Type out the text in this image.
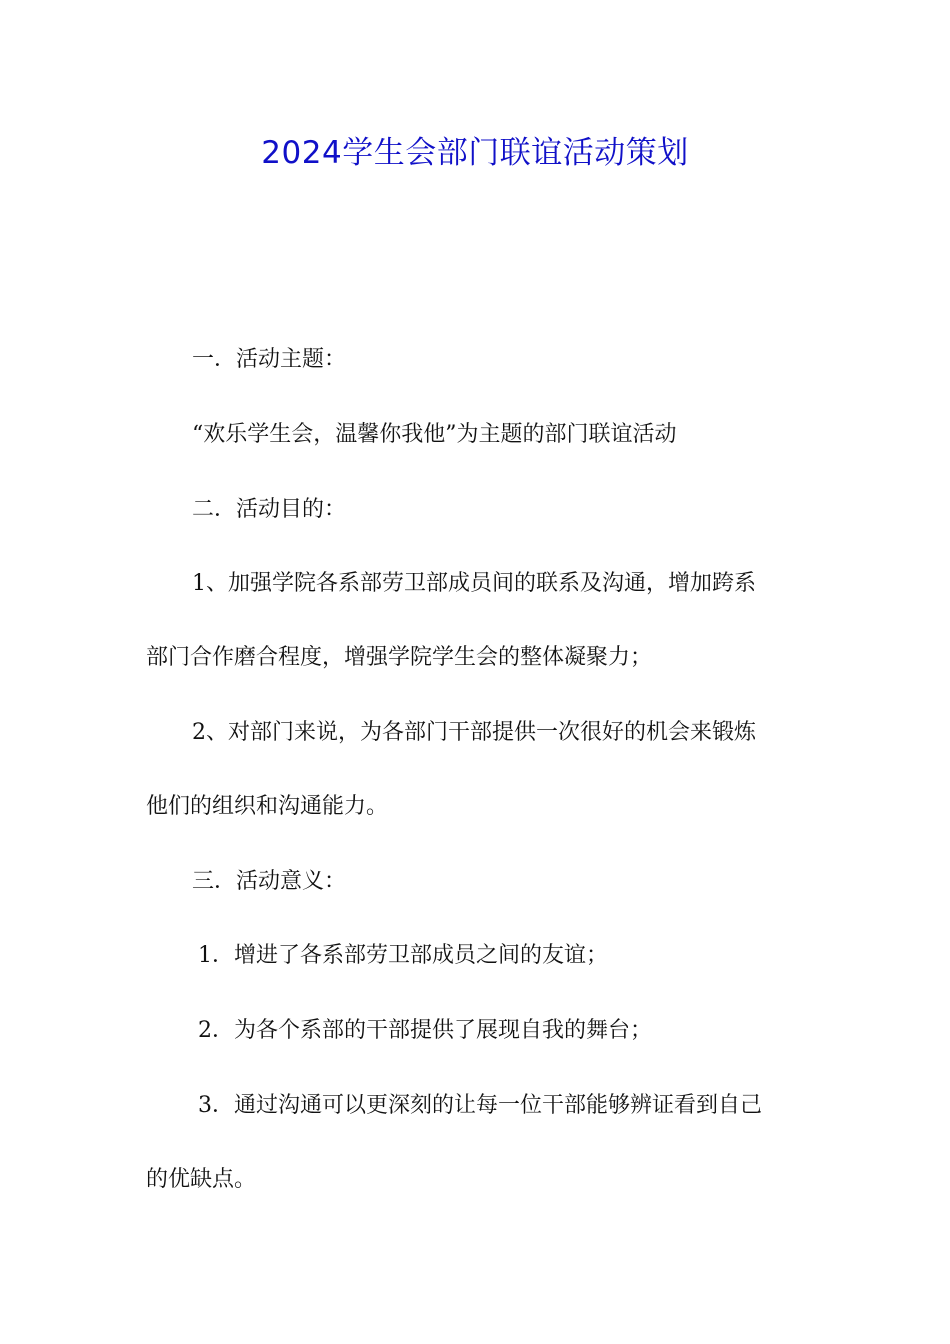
2024学生会部门联谊活动策划

一．活动主题：

“欢乐学生会，温馨你我他”为主题的部门联谊活动

二．活动目的：

1、加强学院各系部劳卫部成员间的联系及沟通，增加跨系

部门合作磨合程度，增强学院学生会的整体凝聚力；

2、对部门来说，为各部门干部提供一次很好的机会来锻炼

他们的组织和沟通能力。

三．活动意义：

1．增进了各系部劳卫部成员之间的友谊；

2．为各个系部的干部提供了展现自我的舞台；

3．通过沟通可以更深刻的让每一位干部能够辨证看到自己

的优缺点。
